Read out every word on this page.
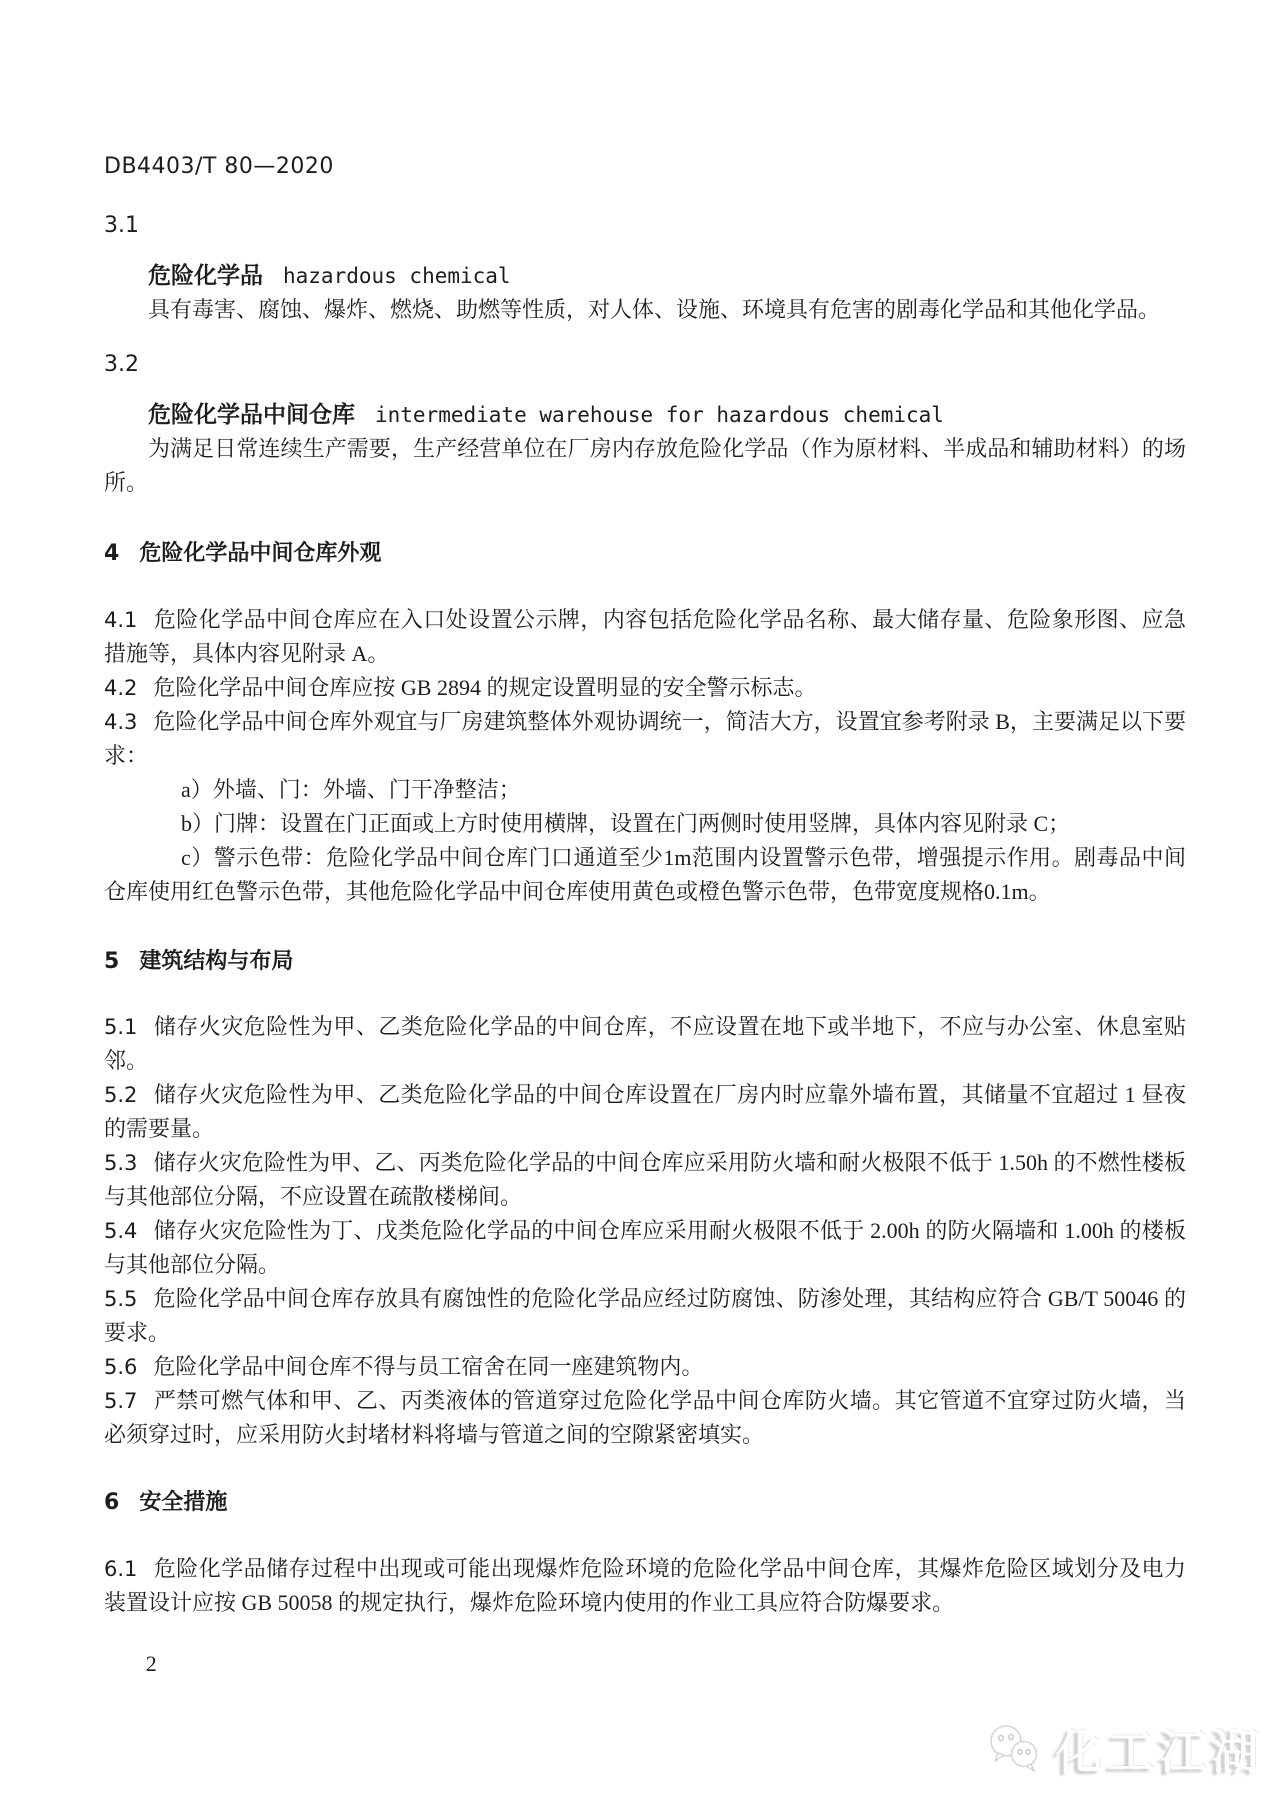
DB4403/T 80—2020

3.1

危险化学品 hazardous chemical

具有毒害、腐蚀、爆炸、燃烧、助燃等性质，对人体、设施、环境具有危害的剧毒化学品和其他化学品。

3.2

危险化学品中间仓库 intermediate warehouse for hazardous chemical

为满足日常连续生产需要，生产经营单位在厂房内存放危险化学品（作为原材料、半成品和辅助材料）的场所。

4 危险化学品中间仓库外观

4.1 危险化学品中间仓库应在入口处设置公示牌，内容包括危险化学品名称、最大储存量、危险象形图、应急措施等，具体内容见附录 A。

4.2 危险化学品中间仓库应按 GB 2894 的规定设置明显的安全警示标志。

4.3 危险化学品中间仓库外观宜与厂房建筑整体外观协调统一，简洁大方，设置宜参考附录 B，主要满足以下要求：

a）外墙、门：外墙、门干净整洁；

b）门牌：设置在门正面或上方时使用横牌，设置在门两侧时使用竖牌，具体内容见附录 C；

c）警示色带：危险化学品中间仓库门口通道至少1m范围内设置警示色带，增强提示作用。剧毒品中间仓库使用红色警示色带，其他危险化学品中间仓库使用黄色或橙色警示色带，色带宽度规格0.1m。

5 建筑结构与布局

5.1 储存火灾危险性为甲、乙类危险化学品的中间仓库，不应设置在地下或半地下，不应与办公室、休息室贴邻。

5.2 储存火灾危险性为甲、乙类危险化学品的中间仓库设置在厂房内时应靠外墙布置，其储量不宜超过 1 昼夜的需要量。

5.3 储存火灾危险性为甲、乙、丙类危险化学品的中间仓库应采用防火墙和耐火极限不低于 1.50h 的不燃性楼板与其他部位分隔，不应设置在疏散楼梯间。

5.4 储存火灾危险性为丁、戊类危险化学品的中间仓库应采用耐火极限不低于 2.00h 的防火隔墙和 1.00h 的楼板与其他部位分隔。

5.5 危险化学品中间仓库存放具有腐蚀性的危险化学品应经过防腐蚀、防渗处理，其结构应符合 GB/T 50046 的要求。

5.6 危险化学品中间仓库不得与员工宿舍在同一座建筑物内。

5.7 严禁可燃气体和甲、乙、丙类液体的管道穿过危险化学品中间仓库防火墙。其它管道不宜穿过防火墙，当必须穿过时，应采用防火封堵材料将墙与管道之间的空隙紧密填实。

6 安全措施

6.1 危险化学品储存过程中出现或可能出现爆炸危险环境的危险化学品中间仓库，其爆炸危险区域划分及电力装置设计应按 GB 50058 的规定执行，爆炸危险环境内使用的作业工具应符合防爆要求。

2

化工江湖
